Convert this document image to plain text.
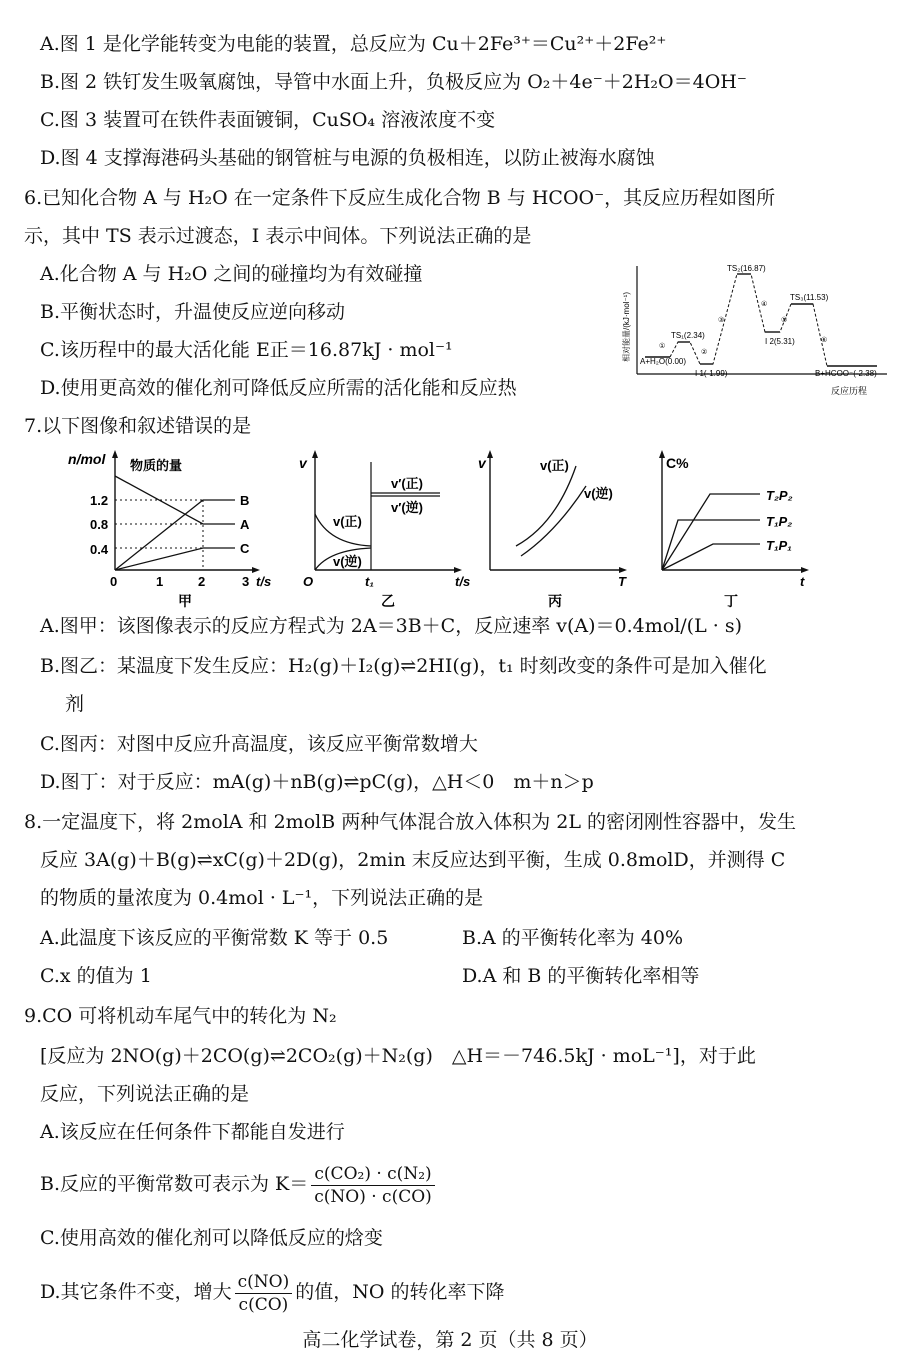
A.图 1 是化学能转变为电能的装置，总反应为 Cu＋2Fe³⁺＝Cu²⁺＋2Fe²⁺
B.图 2 铁钉发生吸氧腐蚀，导管中水面上升，负极反应为 O₂＋4e⁻＋2H₂O＝4OH⁻
C.图 3 装置可在铁件表面镀铜，CuSO₄ 溶液浓度不变
D.图 4 支撑海港码头基础的钢管桩与电源的负极相连，以防止被海水腐蚀
6.已知化合物 A 与 H₂O 在一定条件下反应生成化合物 B 与 HCOO⁻，其反应历程如图所
示，其中 TS 表示过渡态，I 表示中间体。下列说法正确的是
A.化合物 A 与 H₂O 之间的碰撞均为有效碰撞
B.平衡状态时，升温使反应逆向移动
C.该历程中的最大活化能 E正＝16.87kJ · mol⁻¹
D.使用更高效的催化剂可降低反应所需的活化能和反应热
相对能量/(kJ·mol⁻¹)
反应历程
A+H₂O(0.00)
TS₁(2.34)
I 1(-1.99)
TS₂(16.87)
I 2(5.31)
TS₃(11.53)
B+HCOO⁻(-2.38)
①
②
③
④
⑤
⑥
7.以下图像和叙述错误的是
n/mol 物质的量
1.2
0.8
0.4
0	1	2	3 t/s
B
A
C
甲
v
O	t₁	t/s
v(正)
v(逆)
v′(正)
v′(逆)
乙
v
T
v(正)
v(逆)
丙
C%
t
T₂P₂
T₁P₂
T₁P₁
丁
A.图甲：该图像表示的反应方程式为 2A＝3B＋C，反应速率 v(A)＝0.4mol/(L · s)
B.图乙：某温度下发生反应：H₂(g)＋I₂(g)⇌2HI(g)，t₁ 时刻改变的条件可是加入催化
剂
C.图丙：对图中反应升高温度，该反应平衡常数增大
D.图丁：对于反应：mA(g)＋nB(g)⇌pC(g)，△H＜0　m＋n＞p
8.一定温度下，将 2molA 和 2molB 两种气体混合放入体积为 2L 的密闭刚性容器中，发生
反应 3A(g)＋B(g)⇌xC(g)＋2D(g)，2min 末反应达到平衡，生成 0.8molD，并测得 C
的物质的量浓度为 0.4mol · L⁻¹，下列说法正确的是
A.此温度下该反应的平衡常数 K 等于 0.5	B.A 的平衡转化率为 40%
C.x 的值为 1	D.A 和 B 的平衡转化率相等
9.CO 可将机动车尾气中的转化为 N₂
[反应为 2NO(g)＋2CO(g)⇌2CO₂(g)＋N₂(g)　△H＝－746.5kJ · moL⁻¹]，对于此
反应，下列说法正确的是
A.该反应在任何条件下都能自发进行
B.反应的平衡常数可表示为 $K= \frac{\text{c(CO₂) · c(N₂)}}{c(NO) \cdot c(CO)}$
C.使用高效的催化剂可以降低反应的焓变
D.其它条件不变，增大 $\frac{c(NO)}{c(CO)}$ 的值，NO 的转化率下降
高二化学试卷，第 2 页（共 8 页）
